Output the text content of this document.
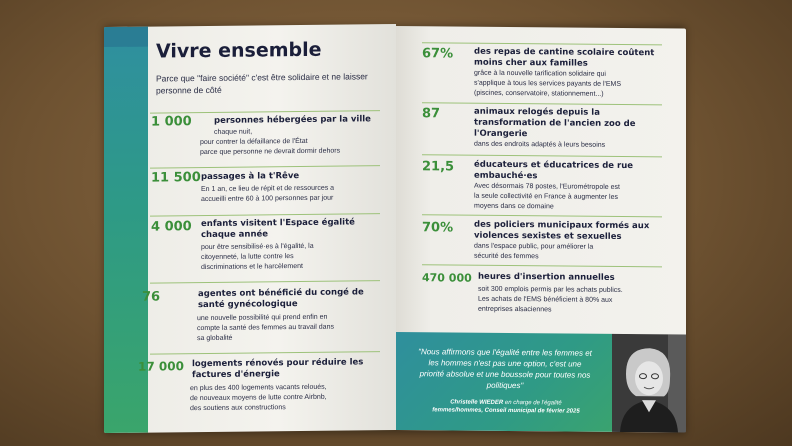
Vivre ensemble

Parce que "faire société" c'est être solidaire et ne laisser personne de côté

1 000	personnes hébergées par la ville
chaque nuit,
pour contrer la défaillance de l'État
parce que personne ne devrait dormir dehors
11 500 passages à la t'Rêve
En 1 an, ce lieu de répit et de ressources a
accueilli entre 60 à 100 personnes par jour
4 000 enfants visitent l'Espace égalité chaque année
pour être sensibilisé·es à l'égalité, la
citoyenneté, la lutte contre les
discriminations et le harcèlement
76	agentes ont bénéficié du congé de santé gynécologique
une nouvelle possibilité qui prend enfin en
compte la santé des femmes au travail dans
sa globalité
17 000 logements rénovés pour réduire les factures d'énergie
en plus des 400 logements vacants reloués,
de nouveaux moyens de lutte contre Airbnb,
des soutiens aux constructions
67% des repas de cantine scolaire coûtent moins cher aux familles
grâce à la nouvelle tarification solidaire qui
s'applique à tous les services payants de l'EMS
(piscines, conservatoire, stationnement...)
87	animaux relogés depuis la transformation de l'ancien zoo de l'Orangerie
dans des endroits adaptés à leurs besoins
21,5 éducateurs et éducatrices de rue embauché·es
Avec désormais 78 postes, l'Eurométropole est
la seule collectivité en France à augmenter les
moyens dans ce domaine
70% des policiers municipaux formés aux violences sexistes et sexuelles
dans l'espace public, pour améliorer la
sécurité des femmes
470 000 heures d'insertion annuelles
soit 300 emplois permis par les achats publics.
Les achats de l'EMS bénéficient à 80% aux
entreprises alsaciennes

"Nous affirmons que l'égalité entre les femmes et les hommes n'est pas une option, c'est une priorité absolue et une boussole pour toutes nos politiques"

Christelle WIEDER en charge de l'égalité
femmes/hommes, Conseil municipal de février 2025
